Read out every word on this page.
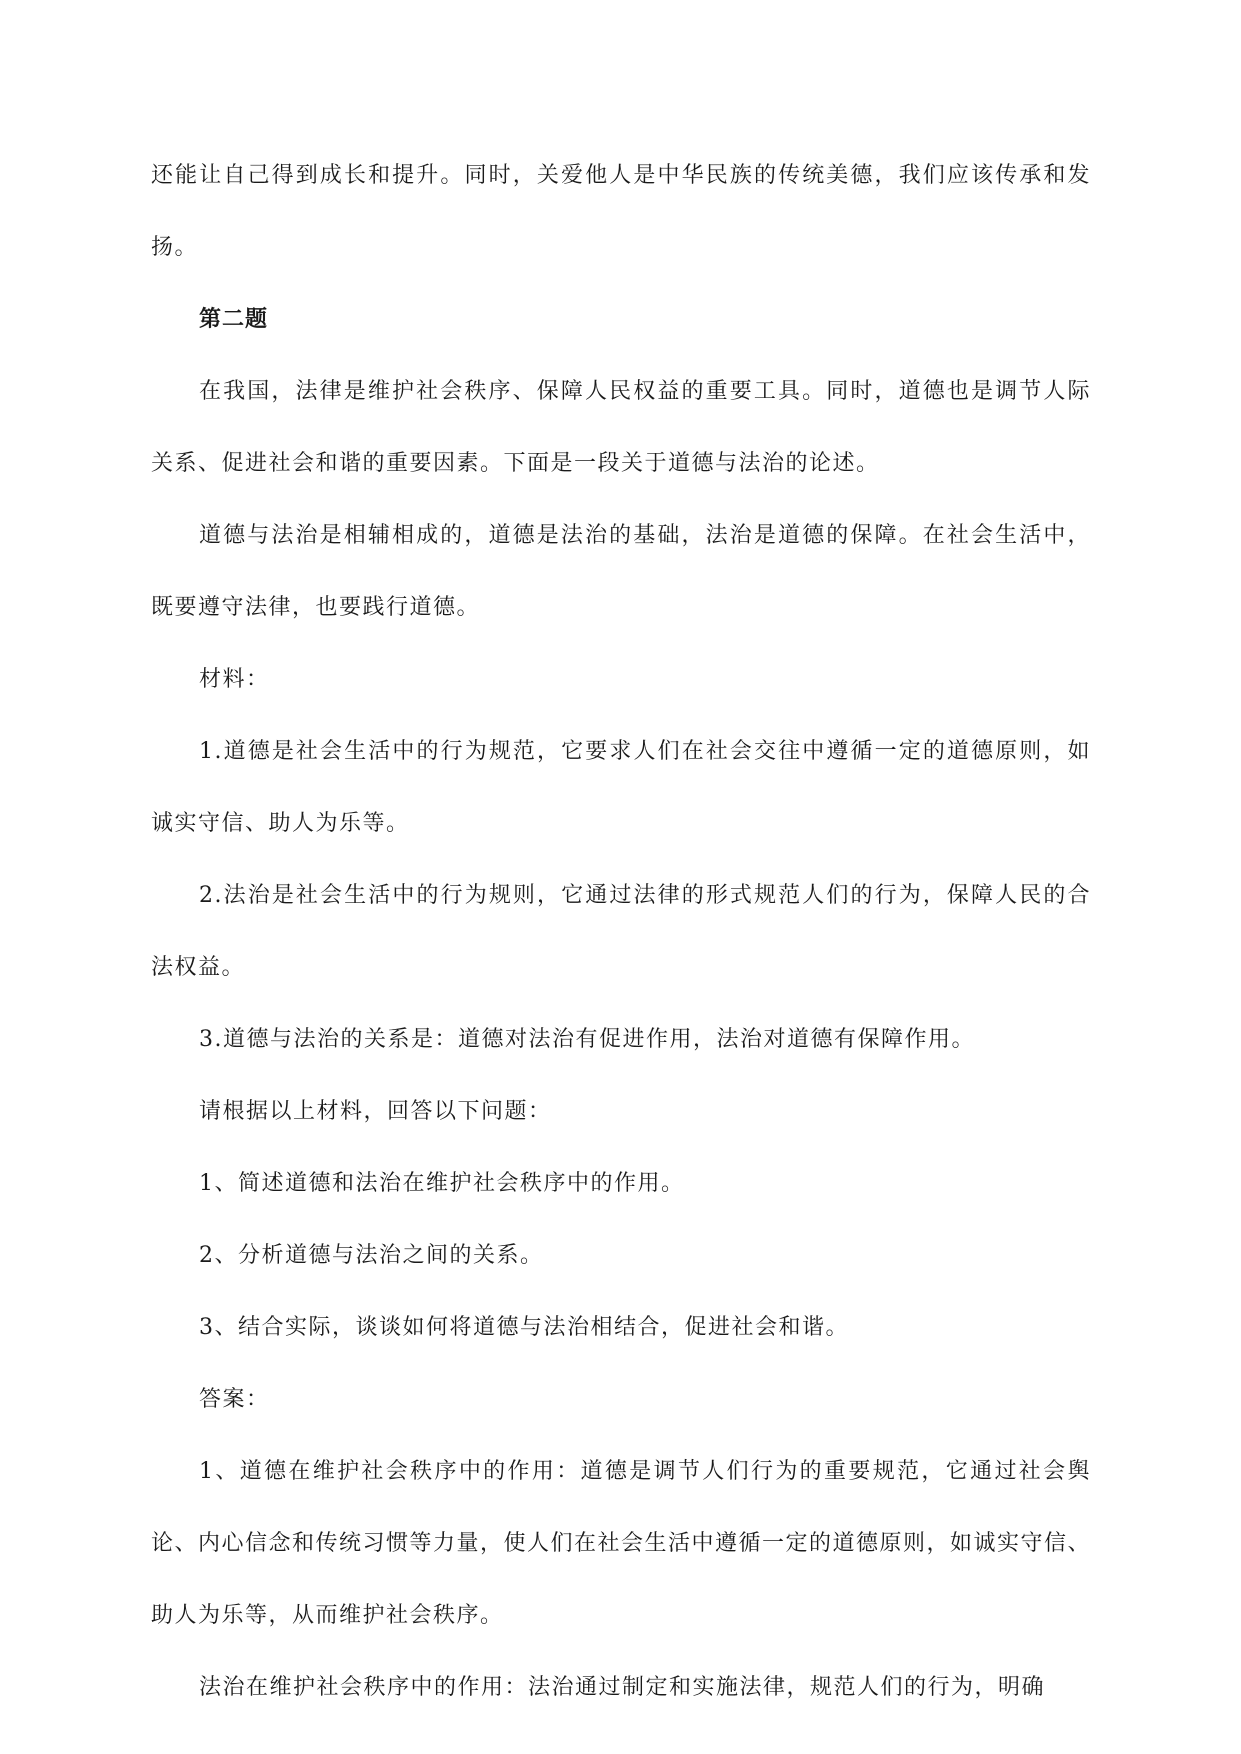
还能让自己得到成长和提升。同时，关爱他人是中华民族的传统美德，我们应该传承和发扬。

第二题

在我国，法律是维护社会秩序、保障人民权益的重要工具。同时，道德也是调节人际关系、促进社会和谐的重要因素。下面是一段关于道德与法治的论述。

道德与法治是相辅相成的，道德是法治的基础，法治是道德的保障。在社会生活中，既要遵守法律，也要践行道德。

材料：

1.道德是社会生活中的行为规范，它要求人们在社会交往中遵循一定的道德原则，如诚实守信、助人为乐等。

2.法治是社会生活中的行为规则，它通过法律的形式规范人们的行为，保障人民的合法权益。

3.道德与法治的关系是：道德对法治有促进作用，法治对道德有保障作用。

请根据以上材料，回答以下问题：

1、简述道德和法治在维护社会秩序中的作用。

2、分析道德与法治之间的关系。

3、结合实际，谈谈如何将道德与法治相结合，促进社会和谐。

答案：

1、道德在维护社会秩序中的作用：道德是调节人们行为的重要规范，它通过社会舆论、内心信念和传统习惯等力量，使人们在社会生活中遵循一定的道德原则，如诚实守信、助人为乐等，从而维护社会秩序。

法治在维护社会秩序中的作用：法治通过制定和实施法律，规范人们的行为，明确
